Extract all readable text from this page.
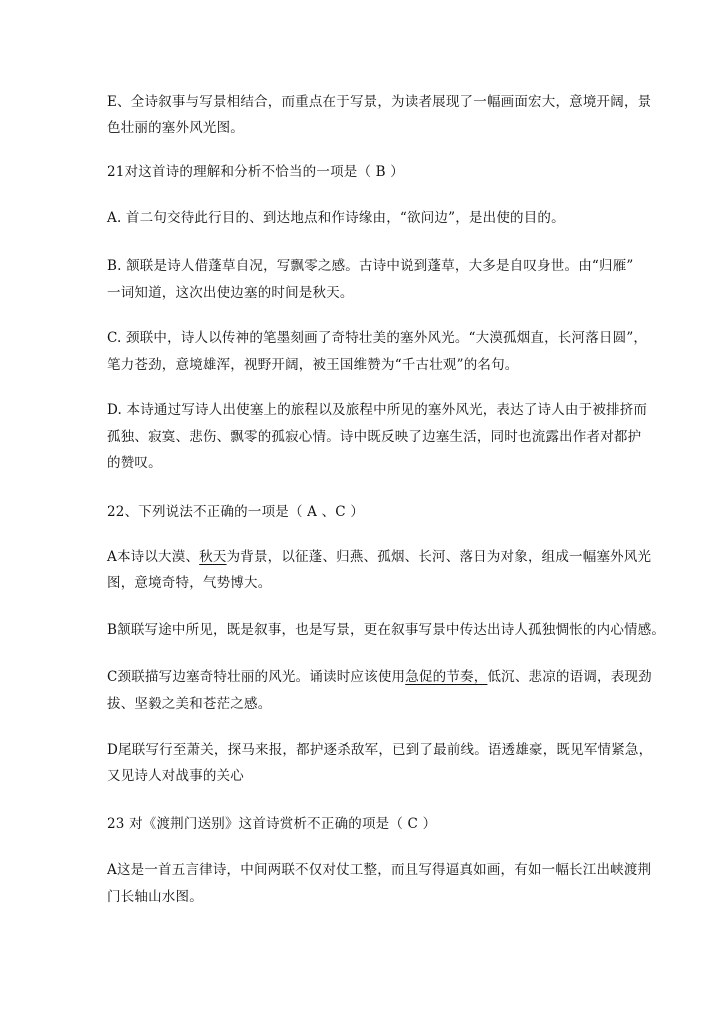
E、全诗叙事与写景相结合，而重点在于写景，为读者展现了一幅画面宏大，意境开阔，景
色壮丽的塞外风光图。
21对这首诗的理解和分析不恰当的一项是（ B ）
A. 首二句交待此行目的、到达地点和作诗缘由，“欲问边”，是出使的目的。
B. 颔联是诗人借蓬草自况，写飘零之感。古诗中说到蓬草，大多是自叹身世。由“归雁”
一词知道，这次出使边塞的时间是秋天。
C. 颈联中，诗人以传神的笔墨刻画了奇特壮美的塞外风光。“大漠孤烟直，长河落日圆”，
笔力苍劲，意境雄浑，视野开阔，被王国维赞为“千古壮观”的名句。
D. 本诗通过写诗人出使塞上的旅程以及旅程中所见的塞外风光，表达了诗人由于被排挤而
孤独、寂寞、悲伤、飘零的孤寂心情。诗中既反映了边塞生活，同时也流露出作者对都护
的赞叹。
22、下列说法不正确的一项是（ A 、C ）
A本诗以大漠、秋天为背景，以征蓬、归燕、孤烟、长河、落日为对象，组成一幅塞外风光
图，意境奇特，气势博大。
B颔联写途中所见，既是叙事，也是写景，更在叙事写景中传达出诗人孤独惆怅的内心情感。
C颈联描写边塞奇特壮丽的风光。诵读时应该使用急促的节奏，低沉、悲凉的语调，表现劲
拔、坚毅之美和苍茫之感。
D尾联写行至萧关，探马来报，都护逐杀敌军，已到了最前线。语透雄豪，既见军情紧急，
又见诗人对战事的关心
23 对《渡荆门送别》这首诗赏析不正确的项是（ C ）
A这是一首五言律诗，中间两联不仅对仗工整，而且写得逼真如画，有如一幅长江出峡渡荆
门长轴山水图。
